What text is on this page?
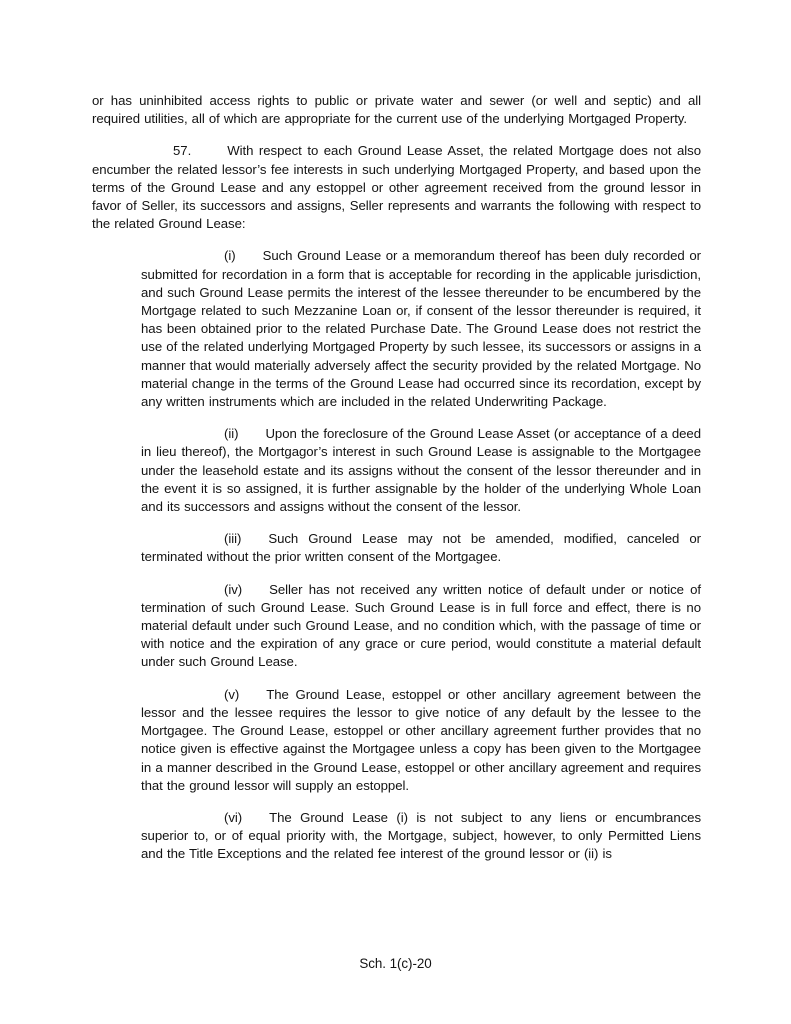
or has uninhibited access rights to public or private water and sewer (or well and septic) and all required utilities, all of which are appropriate for the current use of the underlying Mortgaged Property.

57.	With respect to each Ground Lease Asset, the related Mortgage does not also encumber the related lessor’s fee interests in such underlying Mortgaged Property, and based upon the terms of the Ground Lease and any estoppel or other agreement received from the ground lessor in favor of Seller, its successors and assigns, Seller represents and warrants the following with respect to the related Ground Lease:

(i) Such Ground Lease or a memorandum thereof has been duly recorded or submitted for recordation in a form that is acceptable for recording in the applicable jurisdiction, and such Ground Lease permits the interest of the lessee thereunder to be encumbered by the Mortgage related to such Mezzanine Loan or, if consent of the lessor thereunder is required, it has been obtained prior to the related Purchase Date. The Ground Lease does not restrict the use of the related underlying Mortgaged Property by such lessee, its successors or assigns in a manner that would materially adversely affect the security provided by the related Mortgage. No material change in the terms of the Ground Lease had occurred since its recordation, except by any written instruments which are included in the related Underwriting Package.

(ii) Upon the foreclosure of the Ground Lease Asset (or acceptance of a deed in lieu thereof), the Mortgagor’s interest in such Ground Lease is assignable to the Mortgagee under the leasehold estate and its assigns without the consent of the lessor thereunder and in the event it is so assigned, it is further assignable by the holder of the underlying Whole Loan and its successors and assigns without the consent of the lessor.

(iii) Such Ground Lease may not be amended, modified, canceled or terminated without the prior written consent of the Mortgagee.

(iv) Seller has not received any written notice of default under or notice of termination of such Ground Lease. Such Ground Lease is in full force and effect, there is no material default under such Ground Lease, and no condition which, with the passage of time or with notice and the expiration of any grace or cure period, would constitute a material default under such Ground Lease.

(v) The Ground Lease, estoppel or other ancillary agreement between the lessor and the lessee requires the lessor to give notice of any default by the lessee to the Mortgagee. The Ground Lease, estoppel or other ancillary agreement further provides that no notice given is effective against the Mortgagee unless a copy has been given to the Mortgagee in a manner described in the Ground Lease, estoppel or other ancillary agreement and requires that the ground lessor will supply an estoppel.

(vi) The Ground Lease (i) is not subject to any liens or encumbrances superior to, or of equal priority with, the Mortgage, subject, however, to only Permitted Liens and the Title Exceptions and the related fee interest of the ground lessor or (ii) is

Sch. 1(c)-20
